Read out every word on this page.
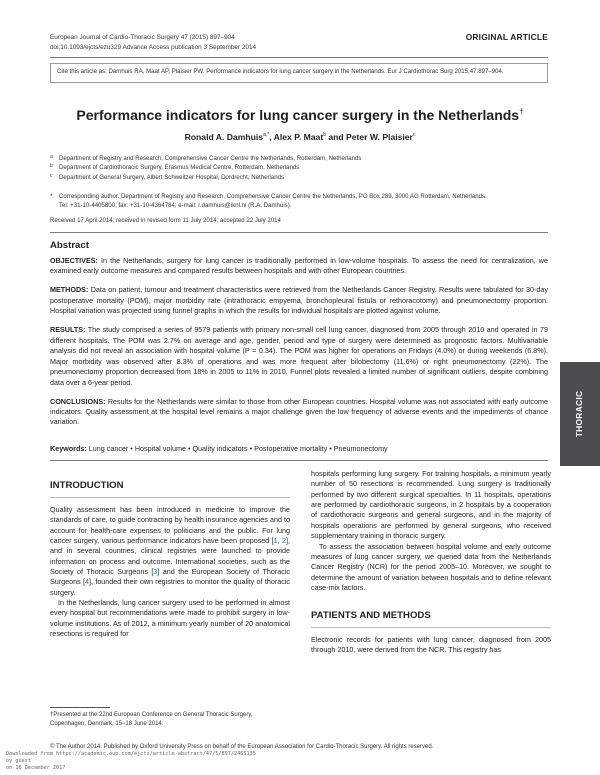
European Journal of Cardio-Thoracic Surgery 47 (2015) 897–904
doi:10.1093/ejcts/ezu329 Advance Access publication 3 September 2014
ORIGINAL ARTICLE
Cite this article as: Damhuis RA, Maat AP, Plaisier PW. Performance indicators for lung cancer surgery in the Netherlands. Eur J Cardiothorac Surg 2015;47:897–904.
Performance indicators for lung cancer surgery in the Netherlands†
Ronald A. Damhuis$^{a,*}$, Alex P. Maat$^b$ and Peter W. Plaisier$^c$
a	Department of Registry and Research, Comprehensive Cancer Centre the Netherlands, Rotterdam, Netherlands
b	Department of Cardiothoracic Surgery, Erasmus Medical Centre, Rotterdam, Netherlands
c	Department of General Surgery, Albert Schweitzer Hospital, Dordrecht, Netherlands
*	Corresponding author. Department of Registry and Research, Comprehensive Cancer Centre the Netherlands, PO Box 289, 3000 AG Rotterdam, Netherlands.
Tel: +31-10-4405800; fax: +31-10-4364784; e-mail: r.damhuis@iknl.nl (R.A. Damhuis).
Received 17 April 2014; received in revised form 11 July 2014; accepted 22 July 2014
Abstract

OBJECTIVES: In the Netherlands, surgery for lung cancer is traditionally performed in low-volume hospitals. To assess the need for centralization, we examined early outcome measures and compared results between hospitals and with other European countries.

METHODS: Data on patient, tumour and treatment characteristics were retrieved from the Netherlands Cancer Registry. Results were tabulated for 30-day postoperative mortality (POM), major morbidity rate (intrathoracic empyema, bronchopleural fistula or rethoracotomy) and pneumonectomy proportion. Hospital variation was projected using funnel graphs in which the results for individual hospitals are plotted against volume.

RESULTS: The study comprised a series of 9579 patients with primary non-small cell lung cancer, diagnosed from 2005 through 2010 and operated in 79 different hospitals. The POM was 2.7% on average and age, gender, period and type of surgery were determined as prognostic factors. Multivariable analysis did not reveal an association with hospital volume (P = 0.34). The POM was higher for operations on Fridays (4.0%) or during weekends (6.8%). Major morbidity was observed after 8.3% of operations and was more frequent after bilobectomy (11.6%) or right pneumonectomy (22%). The pneumonectomy proportion decreased from 18% in 2005 to 11% in 2010. Funnel plots revealed a limited number of significant outliers, despite combining data over a 6-year period.

CONCLUSIONS: Results for the Netherlands were similar to those from other European countries. Hospital volume was not associated with early outcome indicators. Quality assessment at the hospital level remains a major challenge given the low frequency of adverse events and the impediments of chance variation.

Keywords: Lung cancer • Hospital volume • Quality indicators • Postoperative mortality • Pneumonectomy
THORACIC
INTRODUCTION

Quality assessment has been introduced in medicine to improve the standards of care, to guide contracting by health insurance agencies and to account for health-care expenses to politicians and the public. For lung cancer surgery, various performance indicators have been proposed [1, 2], and in several countries, clinical registries were launched to provide information on process and outcome. International societies, such as the Society of Thoracic Surgeons [3] and the European Society of Thoracic Surgeons [4], founded their own registries to monitor the quality of thoracic surgery.

In the Netherlands, lung cancer surgery used to be performed in almost every hospital but recommendations were made to prohibit surgery in low-volume institutions. As of 2012, a minimum yearly number of 20 anatomical resections is required for

hospitals performing lung surgery. For training hospitals, a minimum yearly number of 50 resections is recommended. Lung surgery is traditionally performed by two different surgical specialties. In 11 hospitals, operations are performed by cardiothoracic surgeons, in 2 hospitals by a cooperation of cardiothoracic surgeons and general surgeons, and in the majority of hospitals operations are performed by general surgeons, who received supplementary training in thoracic surgery.

To assess the association between hospital volume and early outcome measures of lung cancer surgery, we queried data from the Netherlands Cancer Registry (NCR) for the period 2005–10. Moreover, we sought to determine the amount of variation between hospitals and to define relevant case-mix factors.

PATIENTS AND METHODS

Electronic records for patients with lung cancer, diagnosed from 2005 through 2010, were derived from the NCR. This registry has

†Presented at the 22nd European Conference on General Thoracic Surgery, Copenhagen, Denmark, 15–18 June 2014.
© The Author 2014. Published by Oxford University Press on behalf of the European Association for Cardio-Thoracic Surgery. All rights reserved.
Downloaded from https://academic.oup.com/ejcts/article-abstract/47/5/897/2465135
by guest
on 16 December 2017
